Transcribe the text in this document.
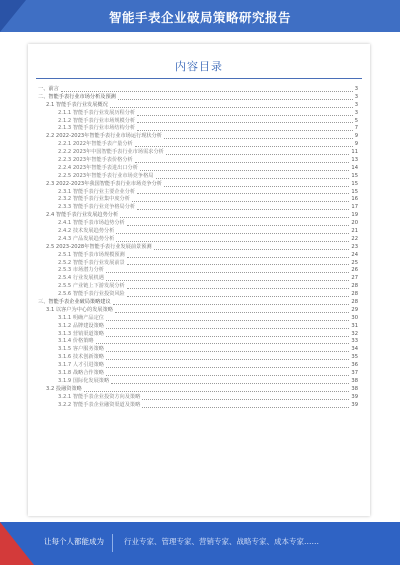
智能手表企业破局策略研究报告
内容目录
一、前言	3
二、智能手表行业市场分析及预测	3
2.1 智能手表行业发展概况	3
2.1.1 智能手表行业发展历程分析	3
2.1.2 智能手表行业市场规模分析	5
2.1.3 智能手表行业市场结构分析	7
2.2 2022-2023年智能手表行业市场运行现状分析	9
2.2.1 2022年智能手表产量分析	9
2.2.2 2023年中国智能手表行业市场需求分析	11
2.2.3 2023年智能手表价格分析	13
2.2.4 2023年智能手表进出口分析	14
2.2.5 2023年智能手表行业市场竞争格局	15
2.3 2022-2023年我国智能手表行业市场竞争分析	15
2.3.1 智能手表行业主要企业分析	15
2.3.2 智能手表行业集中度分析	16
2.3.3 智能手表行业竞争格局分析	17
2.4 智能手表行业发展趋势分析	19
2.4.1 智能手表市场趋势分析	20
2.4.2 技术发展趋势分析	21
2.4.3 产品发展趋势分析	22
2.5 2023-2028年智能手表行业发展前景预测	23
2.5.1 智能手表市场规模预测	24
2.5.2 智能手表行业发展前景	25
2.5.3 市场潜力分析	26
2.5.4 行业发展机遇	27
2.5.5 产业链上下游发展分析	28
2.5.6 智能手表行业投资风险	28
三、智能手表企业破局策略建议	28
3.1 以客户为中心的发展策略	29
3.1.1 明确产品定位	30
3.1.2 品牌建设策略	31
3.1.3 营销渠道策略	32
3.1.4 价格策略	33
3.1.5 客户服务策略	34
3.1.6 技术创新策略	35
3.1.7 人才引进策略	36
3.1.8 战略合作策略	37
3.1.9 国际化发展策略	38
3.2 投融资策略	38
3.2.1 智能手表企业投资方向及策略	39
3.2.2 智能手表企业融资渠道及策略	39
让每个人都能成为	行业专家、管理专家、营销专家、战略专家、成本专家……
